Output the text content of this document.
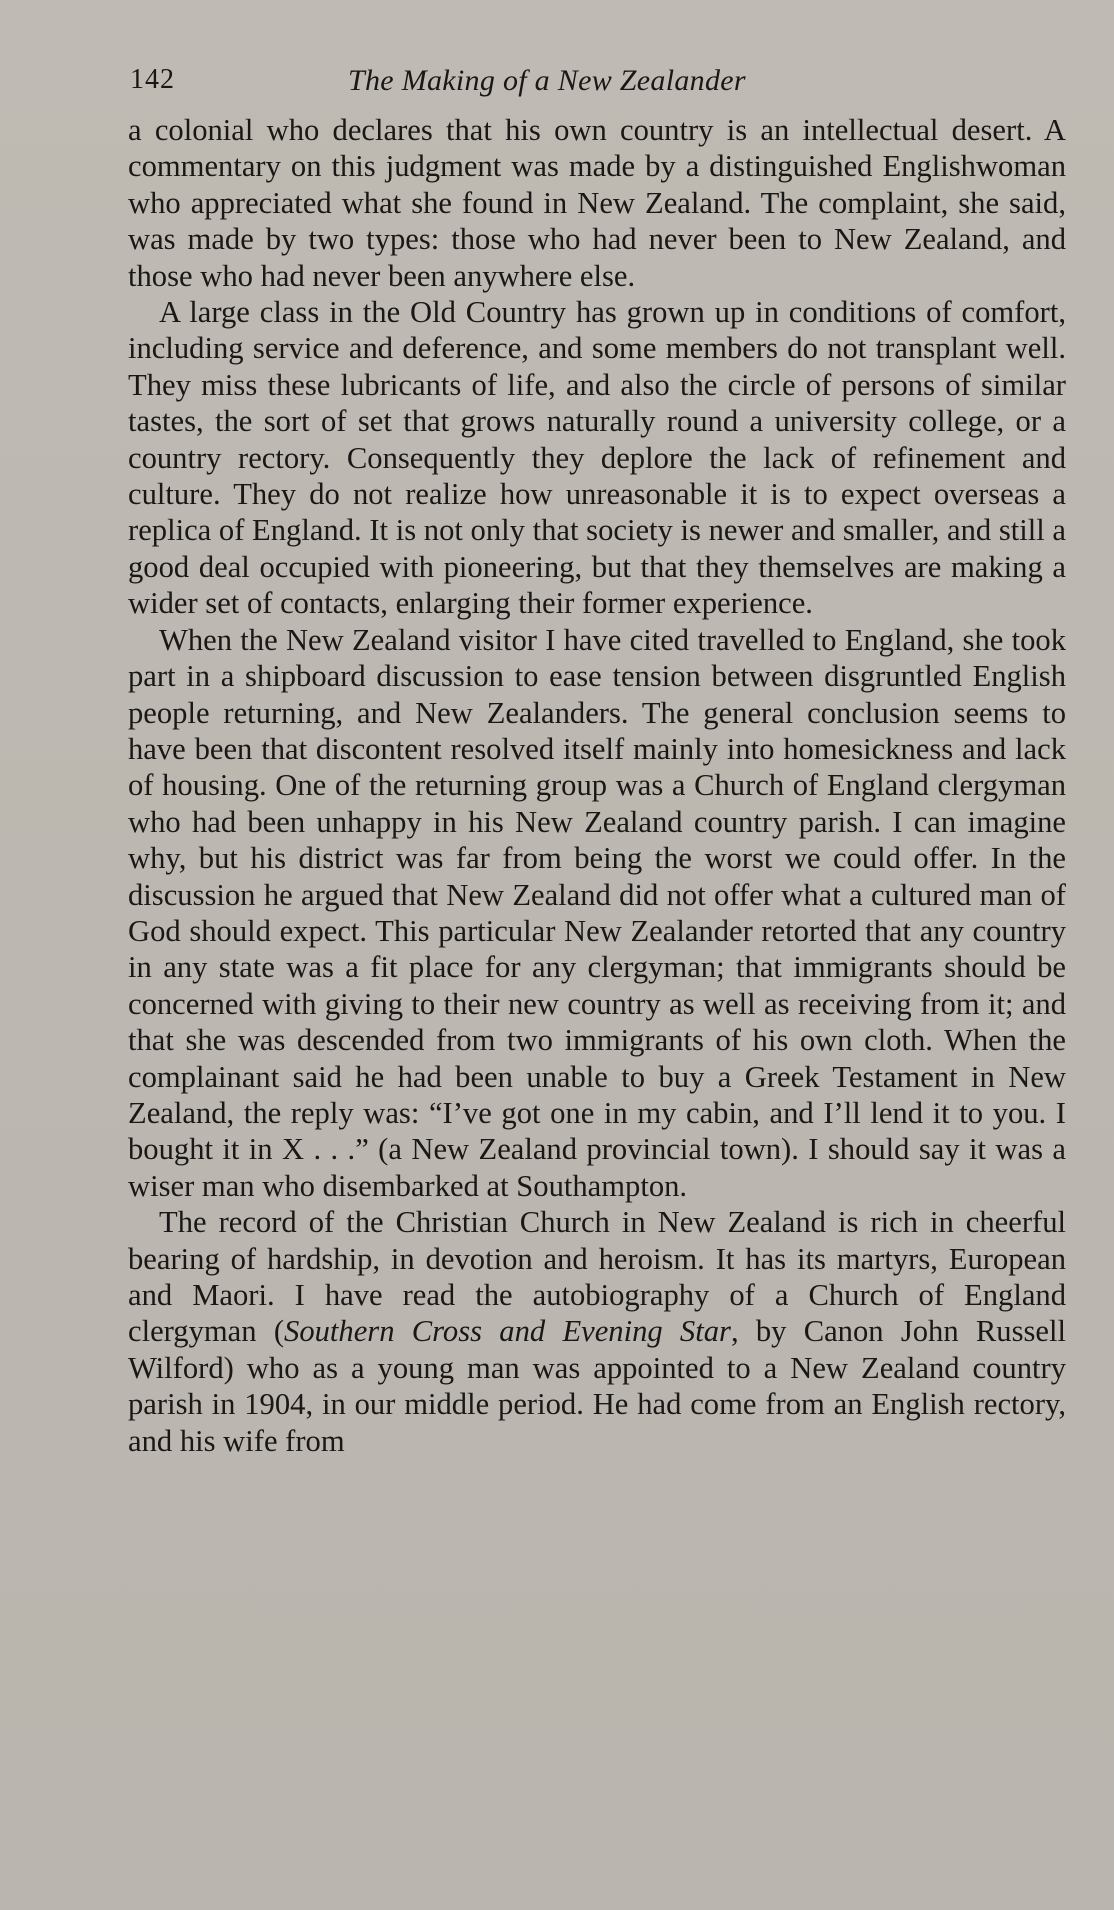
142	The Making of a New Zealander

a colonial who declares that his own country is an intellectual desert. A commentary on this judgment was made by a distinguished Englishwoman who appreciated what she found in New Zealand. The complaint, she said, was made by two types: those who had never been to New Zealand, and those who had never been anywhere else.

A large class in the Old Country has grown up in conditions of comfort, including service and deference, and some members do not transplant well. They miss these lubricants of life, and also the circle of persons of similar tastes, the sort of set that grows naturally round a university college, or a country rectory. Consequently they deplore the lack of refinement and culture. They do not realize how unreasonable it is to expect overseas a replica of England. It is not only that society is newer and smaller, and still a good deal occupied with pioneering, but that they themselves are making a wider set of contacts, enlarging their former experience.

When the New Zealand visitor I have cited travelled to England, she took part in a shipboard discussion to ease tension between disgruntled English people returning, and New Zealanders. The general conclusion seems to have been that discontent resolved itself mainly into homesickness and lack of housing. One of the returning group was a Church of England clergyman who had been unhappy in his New Zealand country parish. I can imagine why, but his district was far from being the worst we could offer. In the discussion he argued that New Zealand did not offer what a cultured man of God should expect. This particular New Zealander retorted that any country in any state was a fit place for any clergyman; that immigrants should be concerned with giving to their new country as well as receiving from it; and that she was descended from two immigrants of his own cloth. When the complainant said he had been unable to buy a Greek Testament in New Zealand, the reply was: “I’ve got one in my cabin, and I’ll lend it to you. I bought it in X . . .” (a New Zealand provincial town). I should say it was a wiser man who disembarked at Southampton.

The record of the Christian Church in New Zealand is rich in cheerful bearing of hardship, in devotion and heroism. It has its martyrs, European and Maori. I have read the autobiography of a Church of England clergyman (Southern Cross and Evening Star, by Canon John Russell Wilford) who as a young man was appointed to a New Zealand country parish in 1904, in our middle period. He had come from an English rectory, and his wife from
